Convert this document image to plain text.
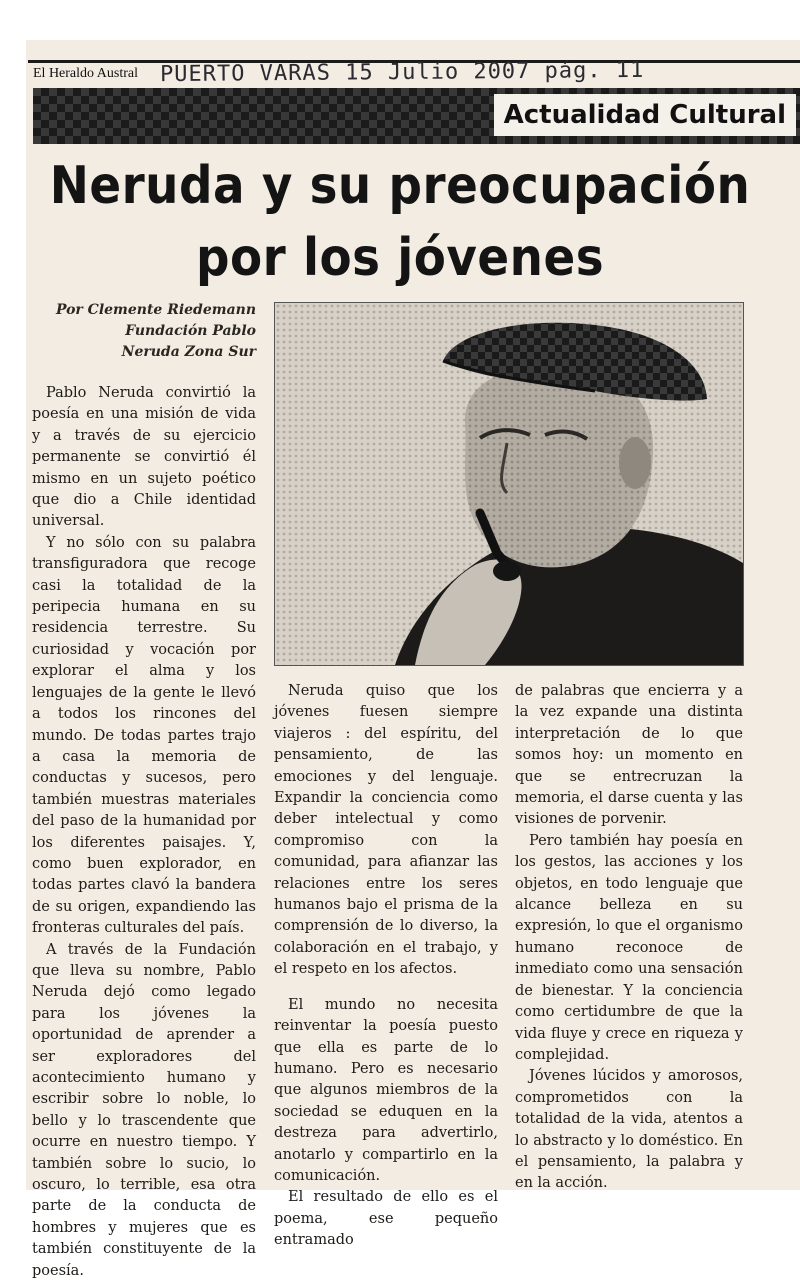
El Heraldo Austral PUERTO VARAS 15 Julio 2007 pág. 11
Actualidad Cultural
Neruda y su preocupación
por los jóvenes
Por Clemente Riedemann
Fundación Pablo
Neruda Zona Sur

Pablo Neruda convirtió la poesía en una misión de vida y a través de su ejercicio permanente se convirtió él mismo en un sujeto poético que dio a Chile identidad universal.

Y no sólo con su palabra transfiguradora que recoge casi la totalidad de la peripecia humana en su residencia terrestre. Su curiosidad y vocación por explorar el alma y los lenguajes de la gente le llevó a todos los rincones del mundo. De todas partes trajo a casa la memoria de conductas y sucesos, pero también muestras materiales del paso de la humanidad por los diferentes paisajes. Y, como buen explorador, en todas partes clavó la bandera de su origen, expandiendo las fronteras culturales del país.

A través de la Fundación que lleva su nombre, Pablo Neruda dejó como legado para los jóvenes la oportunidad de aprender a ser exploradores del acontecimiento humano y escribir sobre lo noble, lo bello y lo trascendente que ocurre en nuestro tiempo. Y también sobre lo sucio, lo oscuro, lo terrible, esa otra parte de la conducta de hombres y mujeres que es también constituyente de la poesía.

Neruda quiso que los jóvenes fuesen siempre viajeros : del espíritu, del pensamiento, de las emociones y del lenguaje. Expandir la conciencia como deber intelectual y como compromiso con la comunidad, para afianzar las relaciones entre los seres humanos bajo el prisma de la comprensión de lo diverso, la colaboración en el trabajo, y el respeto en los afectos.

El mundo no necesita reinventar la poesía puesto que ella es parte de lo humano. Pero es necesario que algunos miembros de la sociedad se eduquen en la destreza para advertirlo, anotarlo y compartirlo en la comunicación.

El resultado de ello es el poema, ese pequeño entramado

de palabras que encierra y a la vez expande una distinta interpretación de lo que somos hoy: un momento en que se entrecruzan la memoria, el darse cuenta y las visiones de porvenir.

Pero también hay poesía en los gestos, las acciones y los objetos, en todo lenguaje que alcance belleza en su expresión, lo que el organismo humano reconoce de inmediato como una sensación de bienestar. Y la conciencia como certidumbre de que la vida fluye y crece en riqueza y complejidad.

Jóvenes lúcidos y amorosos, comprometidos con la totalidad de la vida, atentos a lo abstracto y lo doméstico. En el pensamiento, la palabra y en la acción.
